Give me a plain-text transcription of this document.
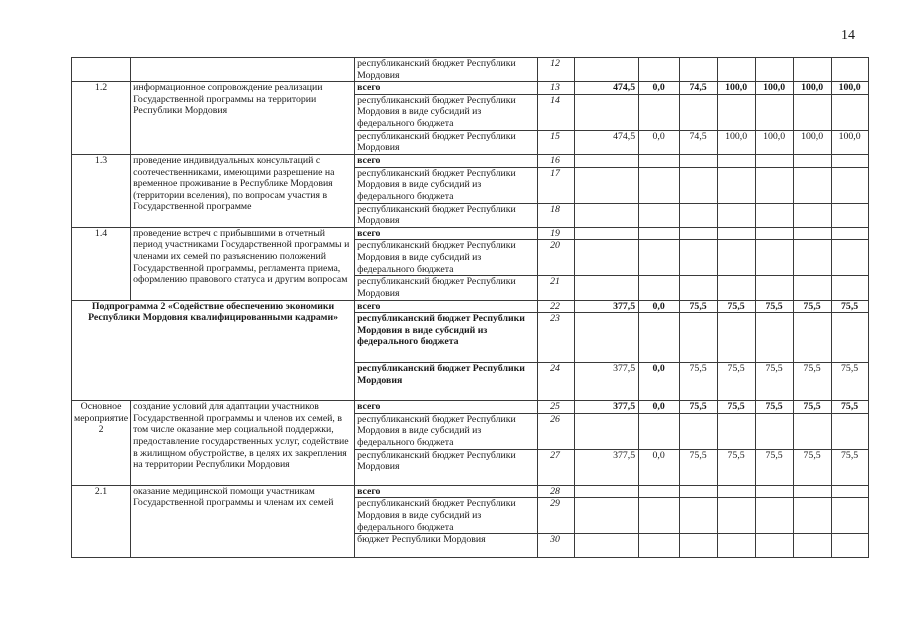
14
		республиканский бюджет Республики Мордовия	12							
1.2	информационное сопровождение реализации Государственной программы на территории Республики Мордовия	всего	13	474,5	0,0	74,5	100,0	100,0	100,0	100,0
		республиканский бюджет Республики Мордовия в виде субсидий из федерального бюджета	14							
		республиканский бюджет Республики Мордовия	15	474,5	0,0	74,5	100,0	100,0	100,0	100,0
1.3	проведение индивидуальных консультаций с соотечественниками, имеющими разрешение на временное проживание в Республике Мордовия (территории вселения), по вопросам участия в Государственной программе	всего	16							
		республиканский бюджет Республики Мордовия в виде субсидий из федерального бюджета	17							
		республиканский бюджет Республики Мордовия	18							
1.4	проведение встреч с прибывшими в отчетный период участниками Государственной программы и членами их семей по разъяснению положений Государственной программы, регламента приема, оформлению правового статуса и другим вопросам	всего	19							
		республиканский бюджет Республики Мордовия в виде субсидий из федерального бюджета	20							
		республиканский бюджет Республики Мордовия	21							
Подпрограмма 2 «Содействие обеспечению экономики Республики Мордовия квалифицированными кадрами»		всего	22	377,5	0,0	75,5	75,5	75,5	75,5	75,5
		республиканский бюджет Республики Мордовия в виде субсидий из федерального бюджета	23							
		республиканский бюджет Республики Мордовия	24	377,5	0,0	75,5	75,5	75,5	75,5	75,5
Основное мероприятие 2	создание условий для адаптации участников Государственной программы и членов их семей, в том числе оказание мер социальной поддержки, предоставление государственных услуг, содействие в жилищном обустройстве, в целях их закрепления на территории Республики Мордовия	всего	25	377,5	0,0	75,5	75,5	75,5	75,5	75,5
		республиканский бюджет Республики Мордовия в виде субсидий из федерального бюджета	26							
		республиканский бюджет Республики Мордовия	27	377,5	0,0	75,5	75,5	75,5	75,5	75,5
2.1	оказание медицинской помощи участникам Государственной программы и членам их семей	всего	28							
		республиканский бюджет Республики Мордовия в виде субсидий из федерального бюджета	29							
		бюджет Республики Мордовия	30							
